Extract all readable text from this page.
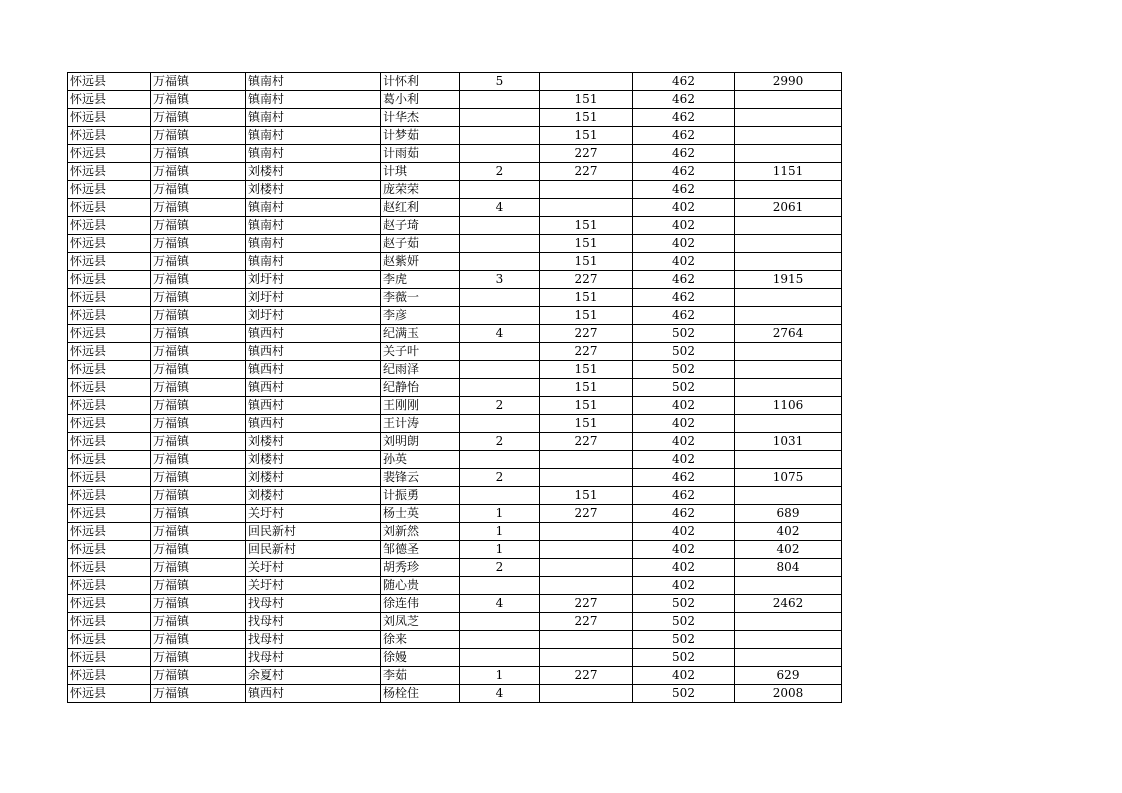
怀远县	万福镇	镇南村	计怀利	5		462	2990
怀远县	万福镇	镇南村	葛小利		151	462	
怀远县	万福镇	镇南村	计华杰		151	462	
怀远县	万福镇	镇南村	计梦茹		151	462	
怀远县	万福镇	镇南村	计雨茹		227	462	
怀远县	万福镇	刘楼村	计琪	2	227	462	1151
怀远县	万福镇	刘楼村	庞荣荣			462	
怀远县	万福镇	镇南村	赵红利	4		402	2061
怀远县	万福镇	镇南村	赵子琦		151	402	
怀远县	万福镇	镇南村	赵子茹		151	402	
怀远县	万福镇	镇南村	赵紫妍		151	402	
怀远县	万福镇	刘圩村	李虎	3	227	462	1915
怀远县	万福镇	刘圩村	李薇一		151	462	
怀远县	万福镇	刘圩村	李彦		151	462	
怀远县	万福镇	镇西村	纪满玉	4	227	502	2764
怀远县	万福镇	镇西村	关子叶		227	502	
怀远县	万福镇	镇西村	纪雨泽		151	502	
怀远县	万福镇	镇西村	纪静怡		151	502	
怀远县	万福镇	镇西村	王刚刚	2	151	402	1106
怀远县	万福镇	镇西村	王计涛		151	402	
怀远县	万福镇	刘楼村	刘明朗	2	227	402	1031
怀远县	万福镇	刘楼村	孙英			402	
怀远县	万福镇	刘楼村	裴锋云	2		462	1075
怀远县	万福镇	刘楼村	计振勇		151	462	
怀远县	万福镇	关圩村	杨士英	1	227	462	689
怀远县	万福镇	回民新村	刘新然	1		402	402
怀远县	万福镇	回民新村	邹德圣	1		402	402
怀远县	万福镇	关圩村	胡秀珍	2		402	804
怀远县	万福镇	关圩村	随心贵			402	
怀远县	万福镇	找母村	徐连伟	4	227	502	2462
怀远县	万福镇	找母村	刘凤芝		227	502	
怀远县	万福镇	找母村	徐来			502	
怀远县	万福镇	找母村	徐嫚			502	
怀远县	万福镇	余夏村	李茹	1	227	402	629
怀远县	万福镇	镇西村	杨栓住	4		502	2008
